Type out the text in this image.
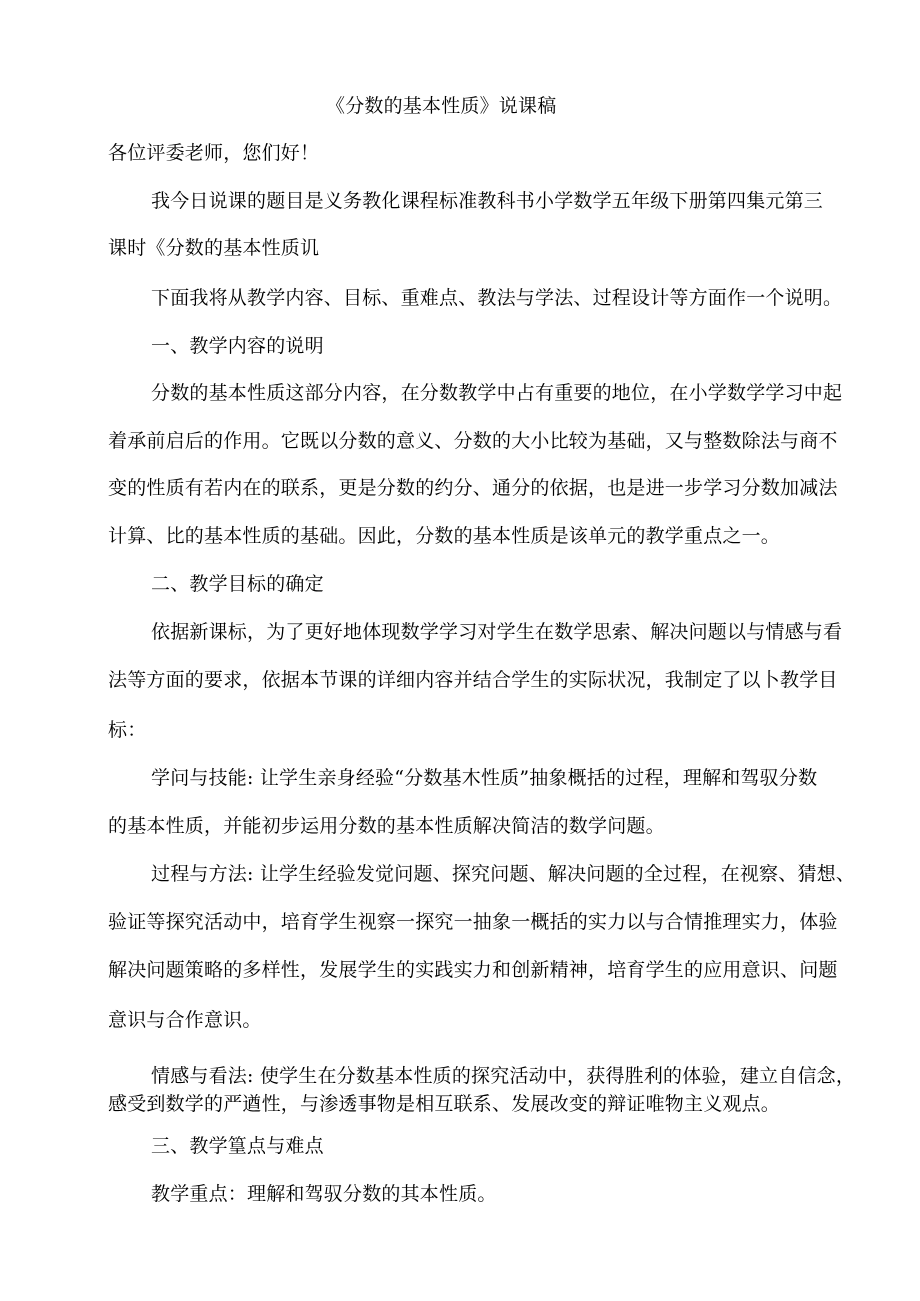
《分数的基本性质》说课稿
各位评委老师，您们好！
我今日说课的题目是义务教化课程标准教科书小学数学五年级下册第四集元第三
课时《分数的基本性质讥
下面我将从教学内容、目标、重难点、教法与学法、过程设计等方面作一个说明。
一、教学内容的说明
分数的基本性质这部分内容，在分数教学中占有重要的地位，在小学数学学习中起
着承前启后的作用。它既以分数的意义、分数的大小比较为基础，又与整数除法与商不
变的性质有若内在的联系，更是分数的约分、通分的依据，也是进一步学习分数加减法
计算、比的基本性质的基础。因此，分数的基本性质是该单元的教学重点之一。
二、教学目标的确定
依据新课标，为了更好地体现数学学习对学生在数学思索、解决问题以与情感与看
法等方面的要求，依据本节课的详细内容并结合学生的实际状况，我制定了以卜教学目
标：
学问与技能: 让学生亲身经验“分数基木性质”抽象概括的过程，理解和驾驭分数
的基本性质，并能初步运用分数的基本性质解决简洁的数学问题。
过程与方法: 让学生经验发觉问题、探究问题、解决问题的全过程，在视察、猜想、
验证等探究活动中，培育学生视察一探究一抽象一概括的实力以与合情推理实力，体验
解决问题策略的多样性，发展学生的实践实力和创新精神，培育学生的应用意识、问题
意识与合作意识。
情感与看法: 使学生在分数基本性质的探究活动中，获得胜利的体验，建立自信念，
感受到数学的严遒性，与渗透事物是相互联系、发展改变的辩证唯物主义观点。
三、教学篁点与难点
教学重点：理解和驾驭分数的其本性质。
